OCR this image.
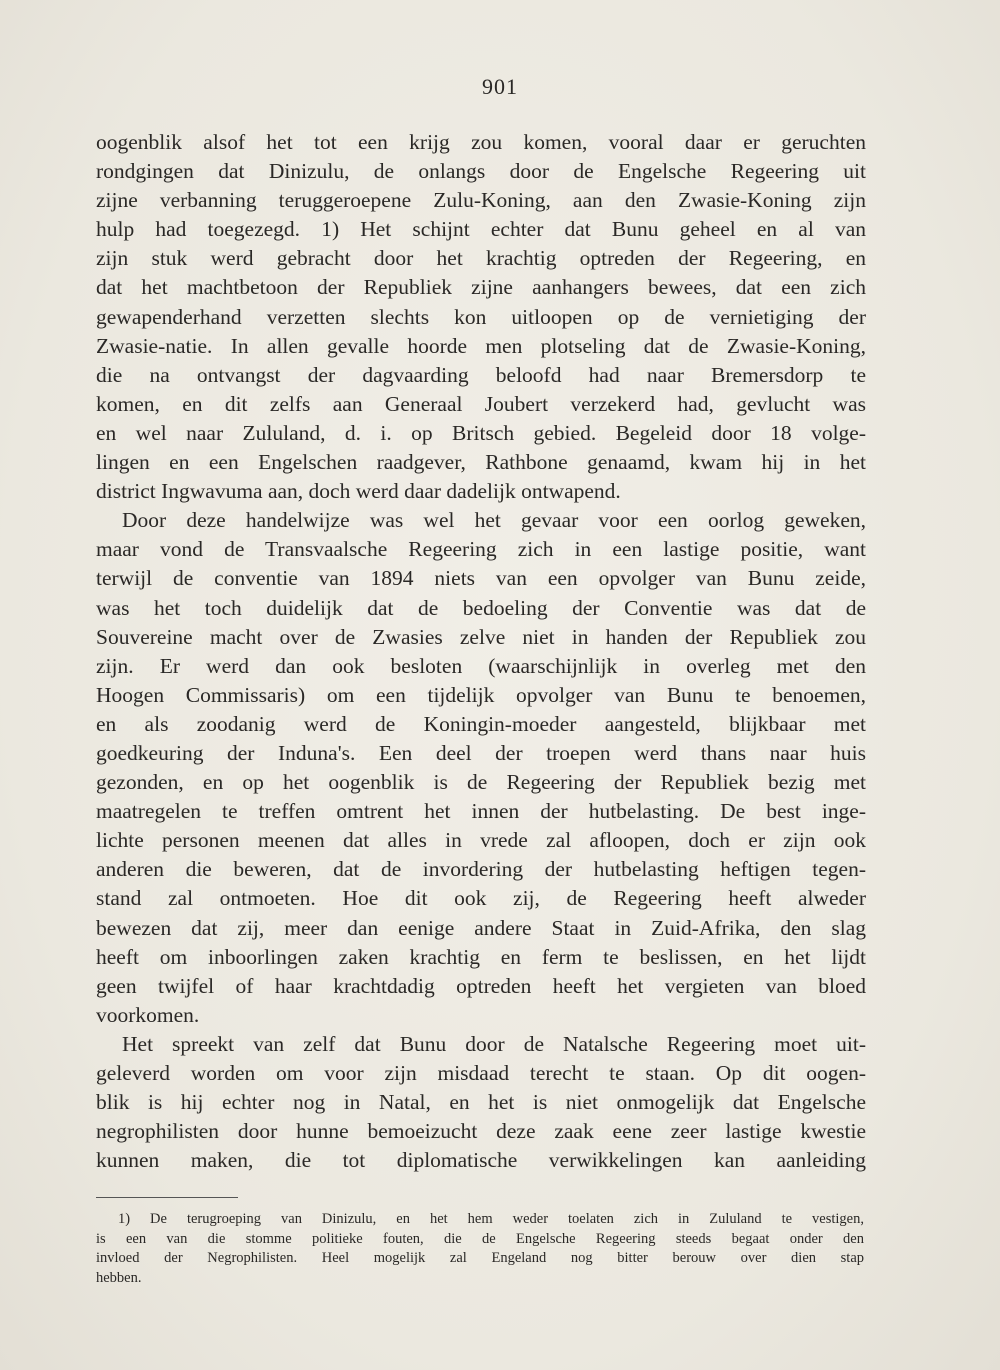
901
oogenblik alsof het tot een krijg zou komen, vooral daar er geruchten
rondgingen dat Dinizulu, de onlangs door de Engelsche Regeering uit
zijne verbanning teruggeroepene Zulu-Koning, aan den Zwasie-Koning zijn
hulp had toegezegd. 1) Het schijnt echter dat Bunu geheel en al van
zijn stuk werd gebracht door het krachtig optreden der Regeering, en
dat het machtbetoon der Republiek zijne aanhangers bewees, dat een zich
gewapenderhand verzetten slechts kon uitloopen op de vernietiging der
Zwasie-natie. In allen gevalle hoorde men plotseling dat de Zwasie-Koning,
die na ontvangst der dagvaarding beloofd had naar Bremersdorp te
komen, en dit zelfs aan Generaal Joubert verzekerd had, gevlucht was
en wel naar Zululand, d. i. op Britsch gebied. Begeleid door 18 volge-
lingen en een Engelschen raadgever, Rathbone genaamd, kwam hij in het
district Ingwavuma aan, doch werd daar dadelijk ontwapend.
Door deze handelwijze was wel het gevaar voor een oorlog geweken,
maar vond de Transvaalsche Regeering zich in een lastige positie, want
terwijl de conventie van 1894 niets van een opvolger van Bunu zeide,
was het toch duidelijk dat de bedoeling der Conventie was dat de
Souvereine macht over de Zwasies zelve niet in handen der Republiek zou
zijn. Er werd dan ook besloten (waarschijnlijk in overleg met den
Hoogen Commissaris) om een tijdelijk opvolger van Bunu te benoemen,
en als zoodanig werd de Koningin-moeder aangesteld, blijkbaar met
goedkeuring der Induna's. Een deel der troepen werd thans naar huis
gezonden, en op het oogenblik is de Regeering der Republiek bezig met
maatregelen te treffen omtrent het innen der hutbelasting. De best inge-
lichte personen meenen dat alles in vrede zal afloopen, doch er zijn ook
anderen die beweren, dat de invordering der hutbelasting heftigen tegen-
stand zal ontmoeten. Hoe dit ook zij, de Regeering heeft alweder
bewezen dat zij, meer dan eenige andere Staat in Zuid-Afrika, den slag
heeft om inboorlingen zaken krachtig en ferm te beslissen, en het lijdt
geen twijfel of haar krachtdadig optreden heeft het vergieten van bloed
voorkomen.
Het spreekt van zelf dat Bunu door de Natalsche Regeering moet uit-
geleverd worden om voor zijn misdaad terecht te staan. Op dit oogen-
blik is hij echter nog in Natal, en het is niet onmogelijk dat Engelsche
negrophilisten door hunne bemoeizucht deze zaak eene zeer lastige kwestie
kunnen maken, die tot diplomatische verwikkelingen kan aanleiding
1) De terugroeping van Dinizulu, en het hem weder toelaten zich in Zululand te vestigen,
is een van die stomme politieke fouten, die de Engelsche Regeering steeds begaat onder den
invloed der Negrophilisten. Heel mogelijk zal Engeland nog bitter berouw over dien stap
hebben.
